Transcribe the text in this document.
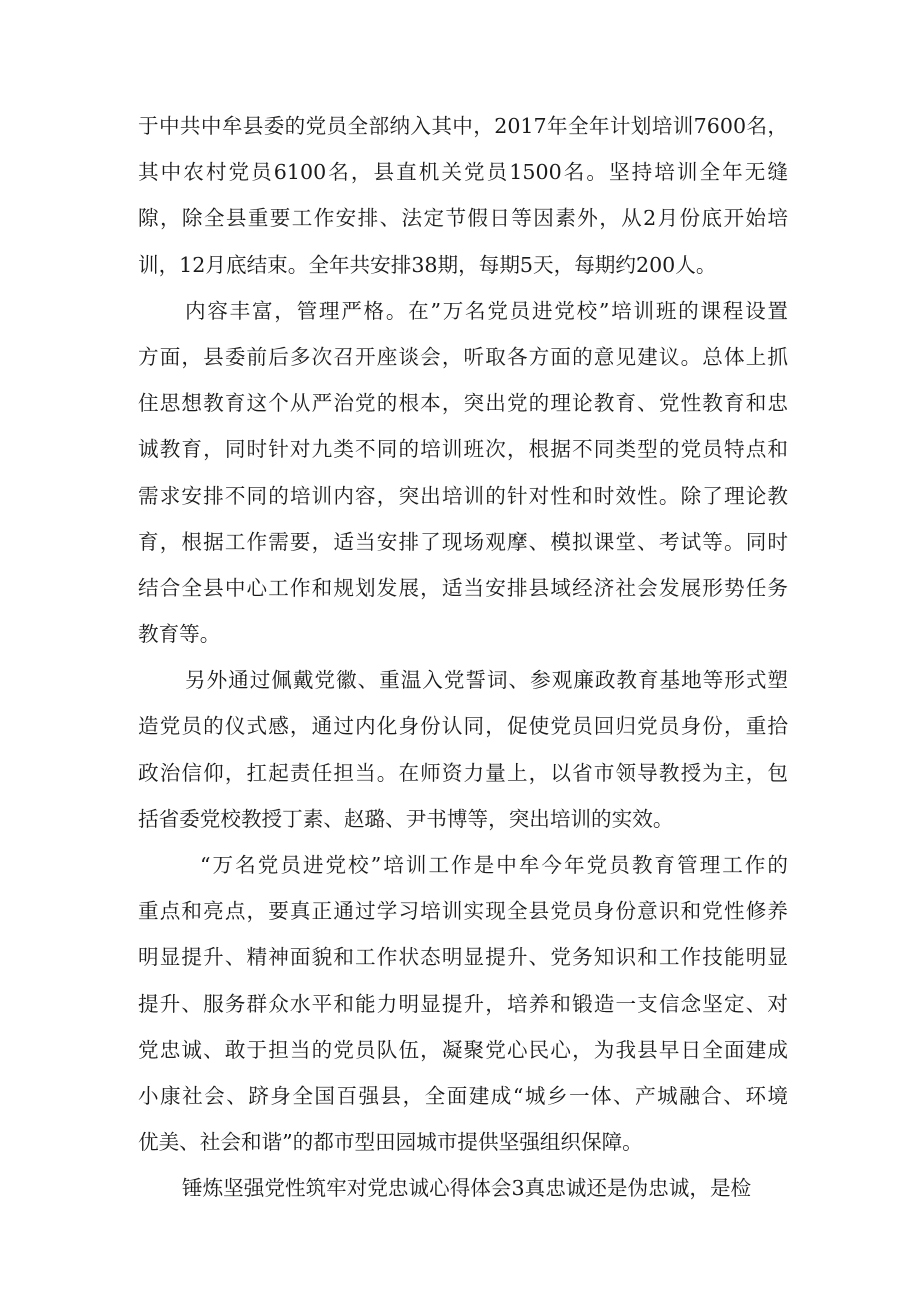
于中共中牟县委的党员全部纳入其中，2017年全年计划培训7600名，
其中农村党员6100名，县直机关党员1500名。坚持培训全年无缝
隙，除全县重要工作安排、法定节假日等因素外，从2月份底开始培
训，12月底结束。全年共安排38期，每期5天，每期约200人。
内容丰富，管理严格。在”万名党员进党校”培训班的课程设置
方面，县委前后多次召开座谈会，听取各方面的意见建议。总体上抓
住思想教育这个从严治党的根本，突出党的理论教育、党性教育和忠
诚教育，同时针对九类不同的培训班次，根据不同类型的党员特点和
需求安排不同的培训内容，突出培训的针对性和时效性。除了理论教
育，根据工作需要，适当安排了现场观摩、模拟课堂、考试等。同时
结合全县中心工作和规划发展，适当安排县域经济社会发展形势任务
教育等。
另外通过佩戴党徽、重温入党誓词、参观廉政教育基地等形式塑
造党员的仪式感，通过内化身份认同，促使党员回归党员身份，重拾
政治信仰，扛起责任担当。在师资力量上，以省市领导教授为主，包
括省委党校教授丁素、赵璐、尹书博等，突出培训的实效。
“万名党员进党校”培训工作是中牟今年党员教育管理工作的
重点和亮点，要真正通过学习培训实现全县党员身份意识和党性修养
明显提升、精神面貌和工作状态明显提升、党务知识和工作技能明显
提升、服务群众水平和能力明显提升，培养和锻造一支信念坚定、对
党忠诚、敢于担当的党员队伍，凝聚党心民心，为我县早日全面建成
小康社会、跻身全国百强县，全面建成“城乡一体、产城融合、环境
优美、社会和谐”的都市型田园城市提供坚强组织保障。
锤炼坚强党性筑牢对党忠诚心得体会3真忠诚还是伪忠诚，是检
